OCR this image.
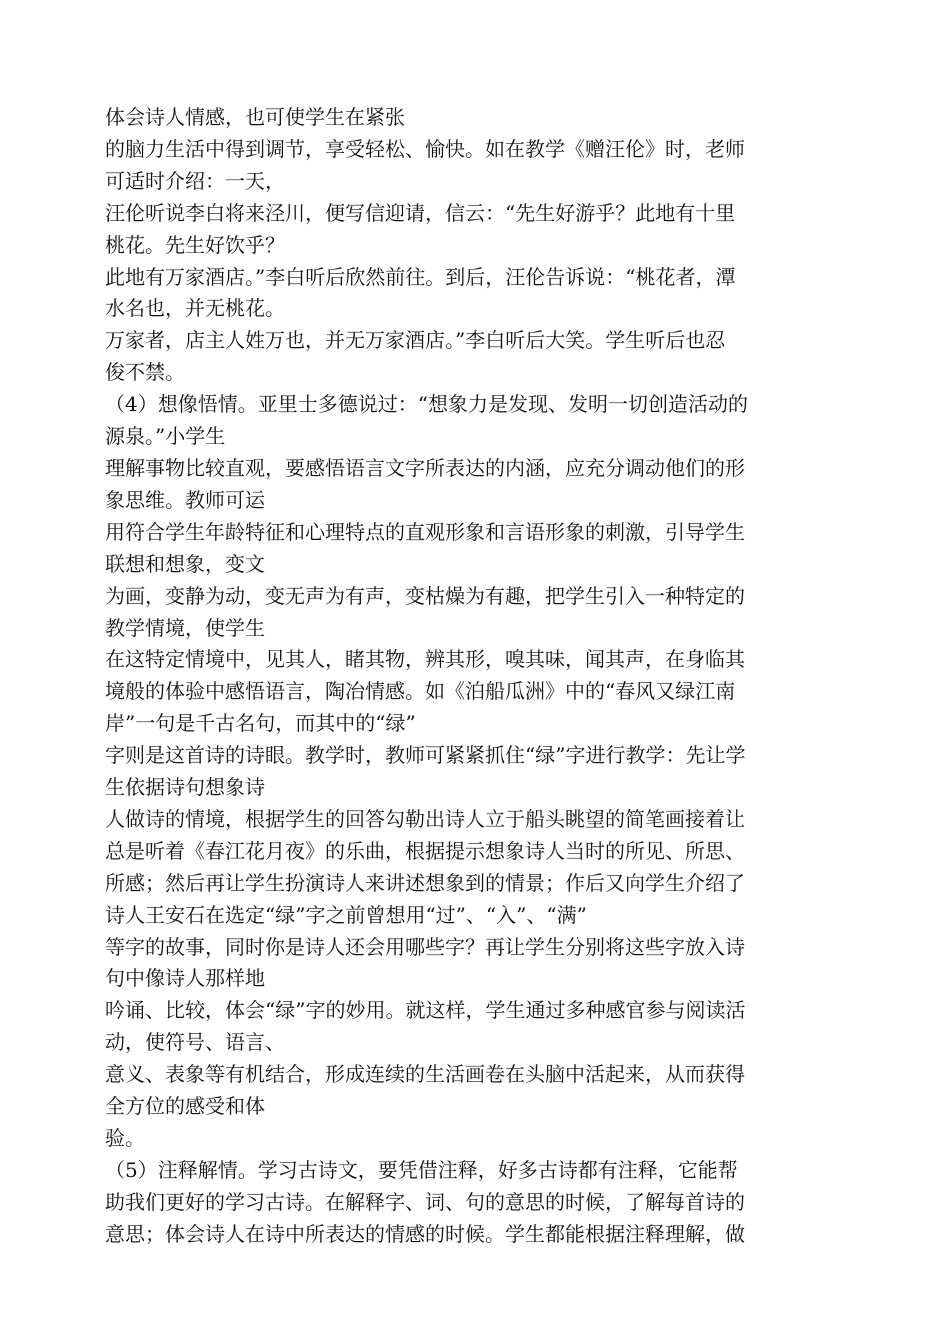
体会诗人情感，也可使学生在紧张
的脑力生活中得到调节，享受轻松、愉快。如在教学《赠汪伦》时，老师
可适时介绍：一天，
汪伦听说李白将来泾川，便写信迎请，信云：“先生好游乎？此地有十里
桃花。先生好饮乎？
此地有万家酒店。”李白听后欣然前往。到后，汪伦告诉说：“桃花者，潭
水名也，并无桃花。
万家者，店主人姓万也，并无万家酒店。”李白听后大笑。学生听后也忍
俊不禁。
（4）想像悟情。亚里士多德说过：“想象力是发现、发明一切创造活动的
源泉。”小学生
理解事物比较直观，要感悟语言文字所表达的内涵，应充分调动他们的形
象思维。教师可运
用符合学生年龄特征和心理特点的直观形象和言语形象的刺激，引导学生
联想和想象，变文
为画，变静为动，变无声为有声，变枯燥为有趣，把学生引入一种特定的
教学情境，使学生
在这特定情境中，见其人，睹其物，辨其形，嗅其味，闻其声，在身临其
境般的体验中感悟语言，陶冶情感。如《泊船瓜洲》中的“春风又绿江南
岸”一句是千古名句，而其中的“绿”
字则是这首诗的诗眼。教学时，教师可紧紧抓住“绿”字进行教学：先让学
生依据诗句想象诗
人做诗的情境，根据学生的回答勾勒出诗人立于船头眺望的简笔画接着让
总是听着《春江花月夜》的乐曲，根据提示想象诗人当时的所见、所思、
所感；然后再让学生扮演诗人来讲述想象到的情景；作后又向学生介绍了
诗人王安石在选定“绿”字之前曾想用“过”、“入”、“满”
等字的故事，同时你是诗人还会用哪些字？再让学生分别将这些字放入诗
句中像诗人那样地
吟诵、比较，体会“绿”字的妙用。就这样，学生通过多种感官参与阅读活
动，使符号、语言、
意义、表象等有机结合，形成连续的生活画卷在头脑中活起来，从而获得
全方位的感受和体
验。
（5）注释解情。学习古诗文，要凭借注释，好多古诗都有注释，它能帮
助我们更好的学习古诗。在解释字、词、句的意思的时候，了解每首诗的
意思；体会诗人在诗中所表达的情感的时候。学生都能根据注释理解，做
